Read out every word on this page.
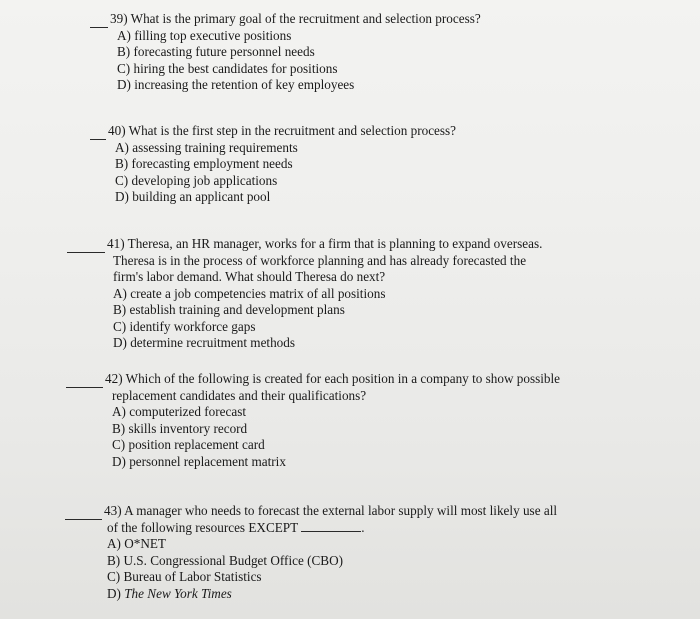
39) What is the primary goal of the recruitment and selection process?
A) filling top executive positions
B) forecasting future personnel needs
C) hiring the best candidates for positions
D) increasing the retention of key employees
40) What is the first step in the recruitment and selection process?
A) assessing training requirements
B) forecasting employment needs
C) developing job applications
D) building an applicant pool
41) Theresa, an HR manager, works for a firm that is planning to expand overseas.
Theresa is in the process of workforce planning and has already forecasted the
firm's labor demand. What should Theresa do next?
A) create a job competencies matrix of all positions
B) establish training and development plans
C) identify workforce gaps
D) determine recruitment methods
42) Which of the following is created for each position in a company to show possible
replacement candidates and their qualifications?
A) computerized forecast
B) skills inventory record
C) position replacement card
D) personnel replacement matrix
43) A manager who needs to forecast the external labor supply will most likely use all
of the following resources EXCEPT	.
A) O*NET
B) U.S. Congressional Budget Office (CBO)
C) Bureau of Labor Statistics
D) The New York Times
